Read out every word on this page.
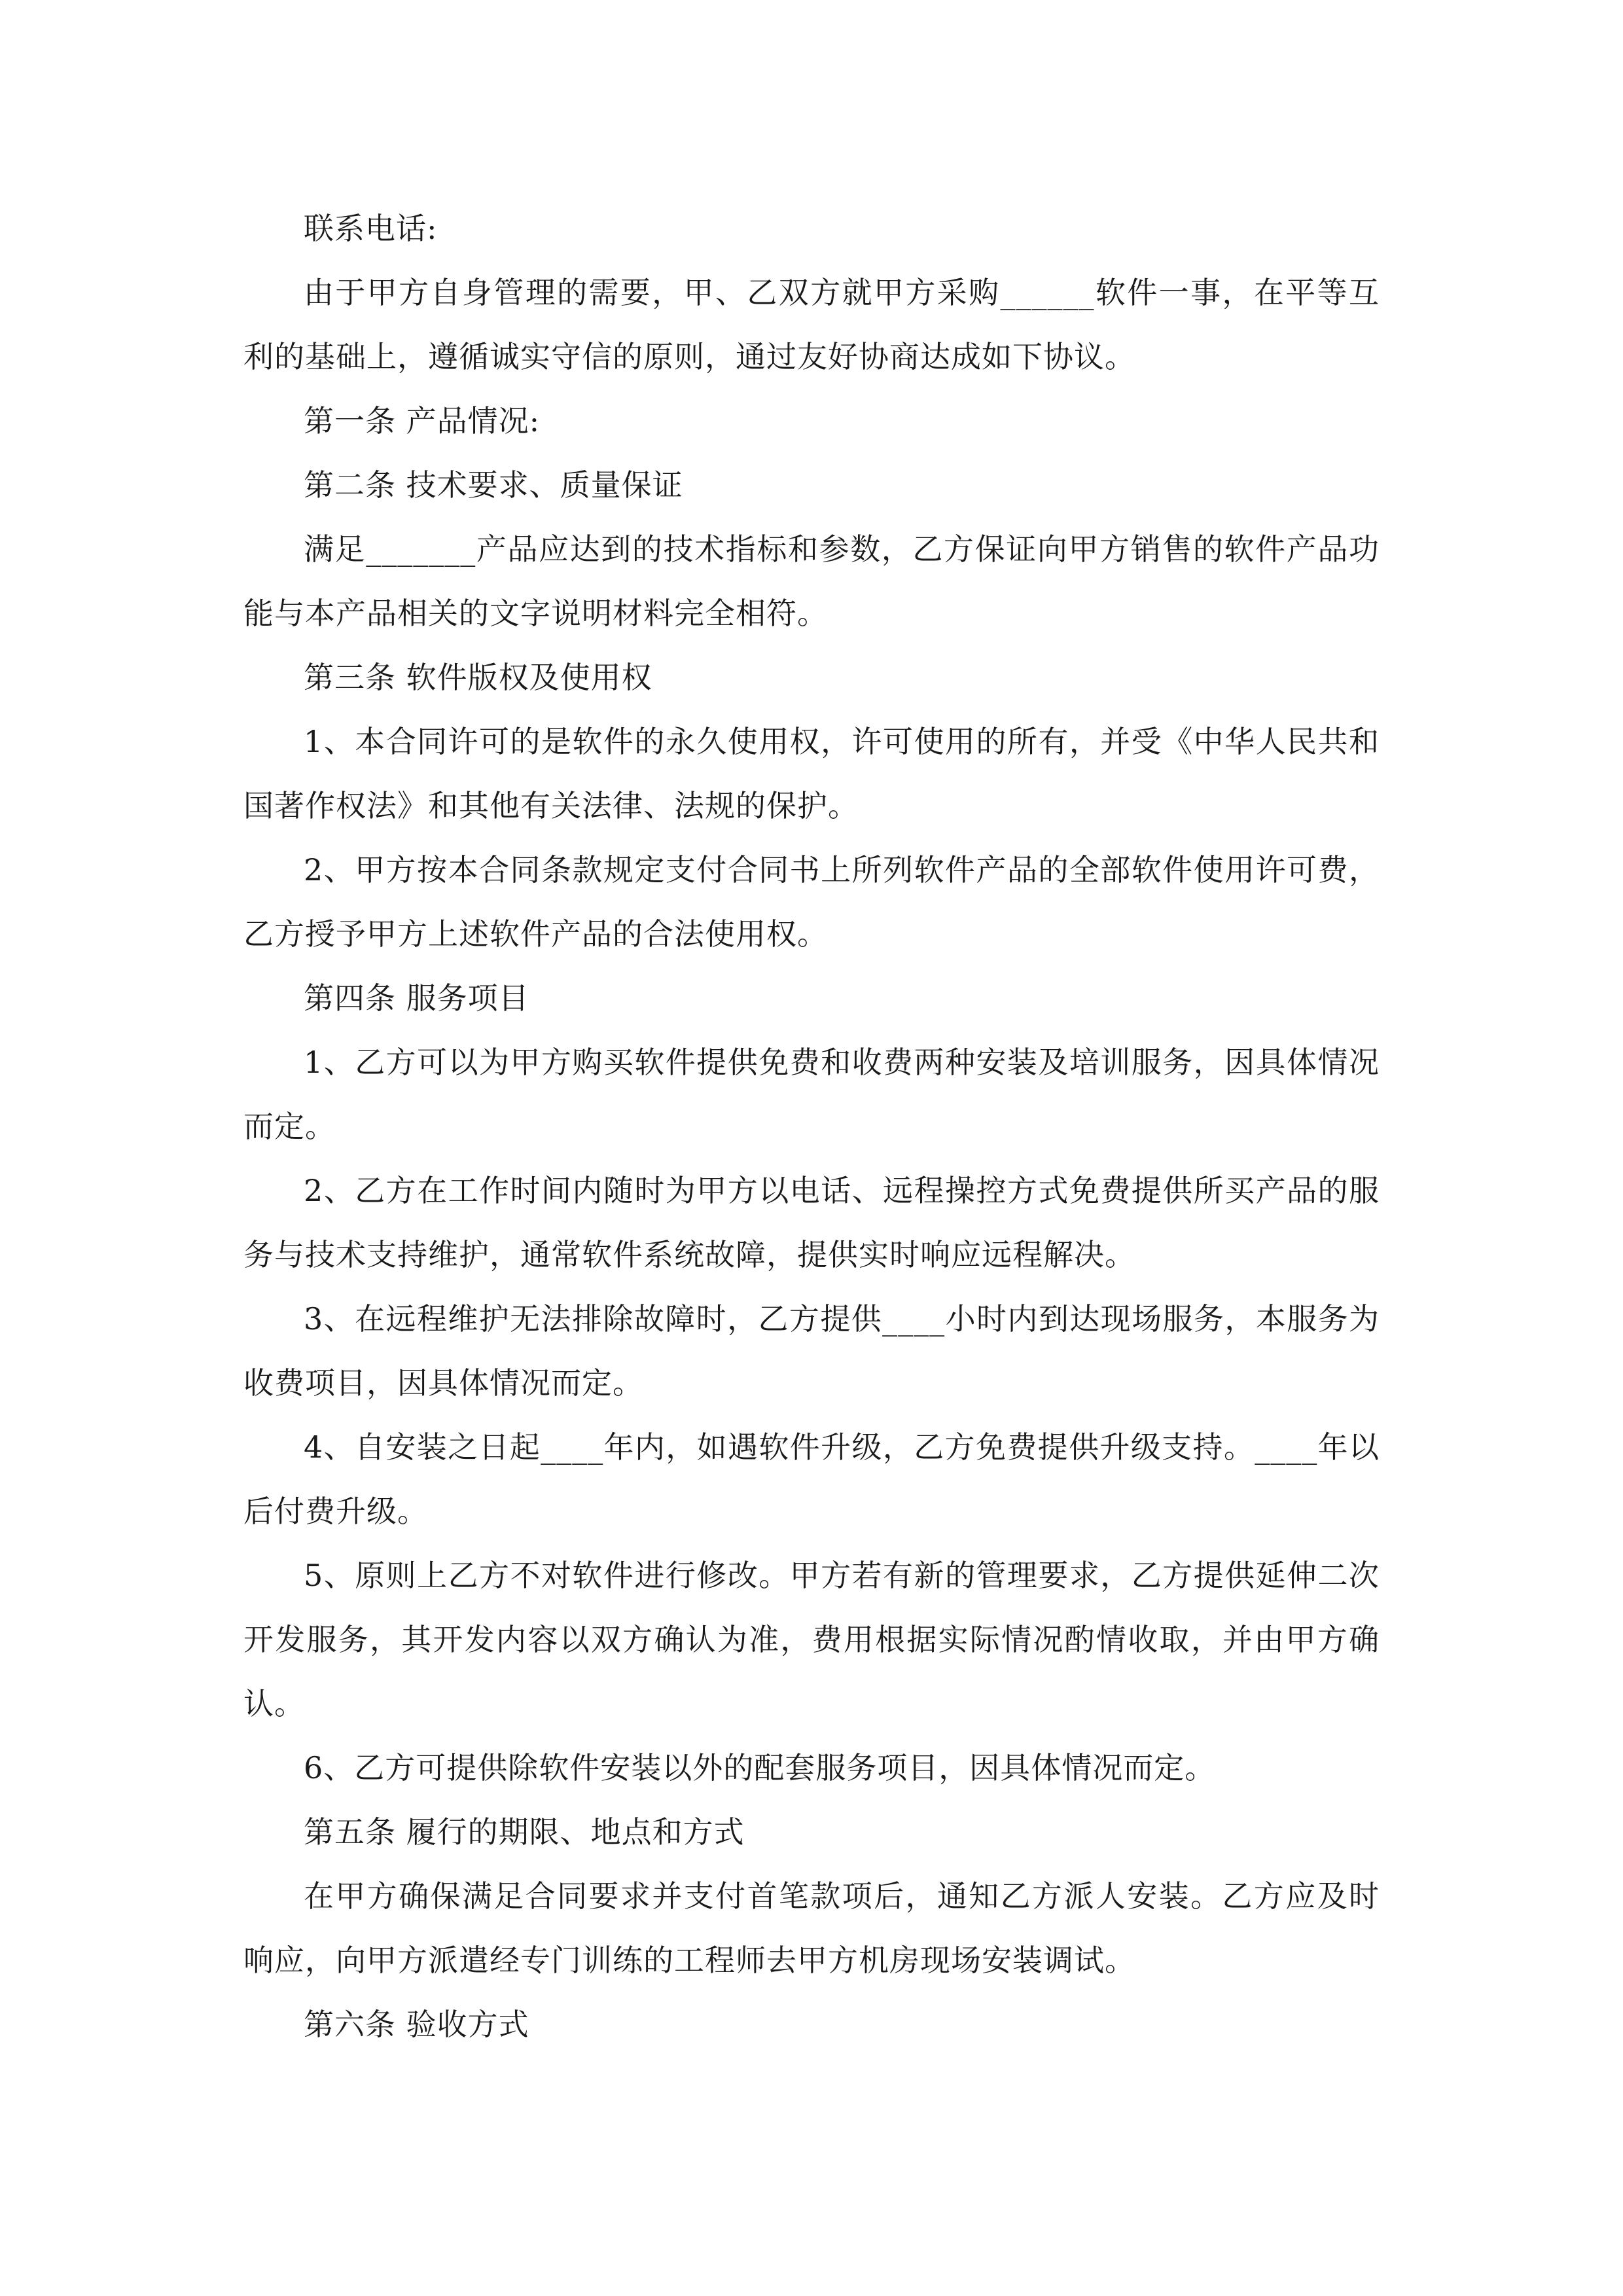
联系电话:

由于甲方自身管理的需要，甲、乙双方就甲方采购______软件一事，在平等互利的基础上，遵循诚实守信的原则，通过友好协商达成如下协议。

第一条 产品情况:

第二条 技术要求、质量保证

满足_______产品应达到的技术指标和参数，乙方保证向甲方销售的软件产品功能与本产品相关的文字说明材料完全相符。

第三条 软件版权及使用权

1、本合同许可的是软件的永久使用权，许可使用的所有，并受《中华人民共和国著作权法》和其他有关法律、法规的保护。

2、甲方按本合同条款规定支付合同书上所列软件产品的全部软件使用许可费，乙方授予甲方上述软件产品的合法使用权。

第四条 服务项目

1、乙方可以为甲方购买软件提供免费和收费两种安装及培训服务，因具体情况而定。

2、乙方在工作时间内随时为甲方以电话、远程操控方式免费提供所买产品的服务与技术支持维护，通常软件系统故障，提供实时响应远程解决。

3、在远程维护无法排除故障时，乙方提供____小时内到达现场服务，本服务为收费项目，因具体情况而定。

4、自安装之日起____年内，如遇软件升级，乙方免费提供升级支持。____年以后付费升级。

5、原则上乙方不对软件进行修改。甲方若有新的管理要求，乙方提供延伸二次开发服务，其开发内容以双方确认为准，费用根据实际情况酌情收取，并由甲方确认。

6、乙方可提供除软件安装以外的配套服务项目，因具体情况而定。

第五条 履行的期限、地点和方式

在甲方确保满足合同要求并支付首笔款项后，通知乙方派人安装。乙方应及时响应，向甲方派遣经专门训练的工程师去甲方机房现场安装调试。

第六条 验收方式
